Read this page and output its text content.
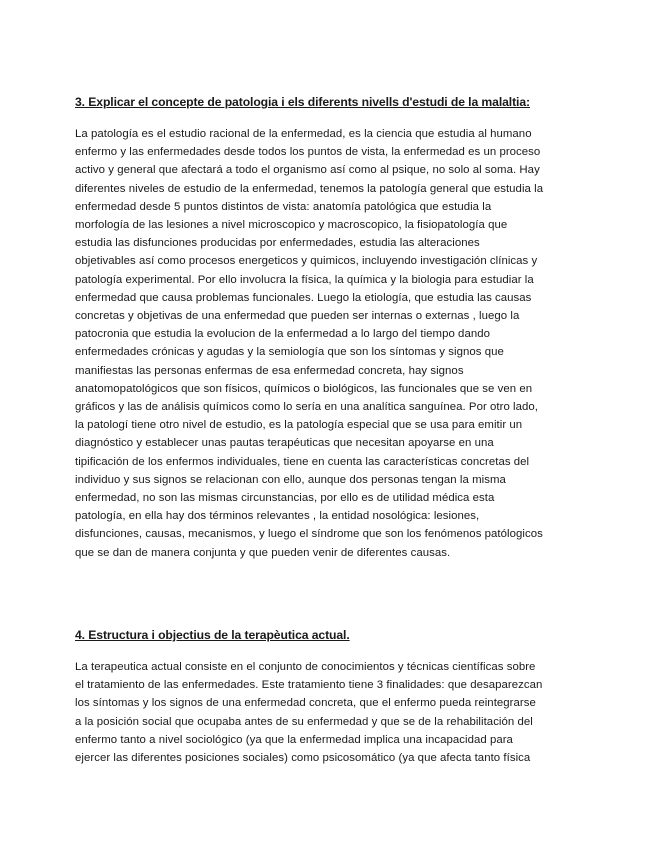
3. Explicar el concepte de patologia i els diferents nivells d'estudi de la malaltia:

La patología es el estudio racional de la enfermedad, es la ciencia que estudia al humano
enfermo y las enfermedades desde todos los puntos de vista, la enfermedad es un proceso
activo y general que afectará a todo el organismo así como al psique, no solo al soma. Hay
diferentes niveles de estudio de la enfermedad, tenemos la patología general que estudia la
enfermedad desde 5 puntos distintos de vista: anatomía patológica que estudia la
morfología de las lesiones a nivel microscopico y macroscopico, la fisiopatología que
estudia las disfunciones producidas por enfermedades, estudia las alteraciones
objetivables así como procesos energeticos y quimicos, incluyendo investigación clínicas y
patología experimental. Por ello involucra la física, la química y la biologia para estudiar la
enfermedad que causa problemas funcionales. Luego la etiología, que estudia las causas
concretas y objetivas de una enfermedad que pueden ser internas o externas , luego la
patocronia que estudia la evolucion de la enfermedad a lo largo del tiempo dando
enfermedades crónicas y agudas y la semiología que son los síntomas y signos que
manifiestas las personas enfermas de esa enfermedad concreta, hay signos
anatomopatológicos que son físicos, químicos o biológicos, las funcionales que se ven en
gráficos y las de análisis químicos como lo sería en una analítica sanguínea. Por otro lado,
la patologí tiene otro nivel de estudio, es la patología especial que se usa para emitir un
diagnóstico y establecer unas pautas terapéuticas que necesitan apoyarse en una
tipificación de los enfermos individuales, tiene en cuenta las características concretas del
individuo y sus signos se relacionan con ello, aunque dos personas tengan la misma
enfermedad, no son las mismas circunstancias, por ello es de utilidad médica esta
patología, en ella hay dos términos relevantes , la entidad nosológica: lesiones,
disfunciones, causas, mecanismos, y luego el síndrome que son los fenómenos patólogicos
que se dan de manera conjunta y que pueden venir de diferentes causas.

4. Estructura i objectius de la terapèutica actual.

La terapeutica actual consiste en el conjunto de conocimientos y técnicas científicas sobre
el tratamiento de las enfermedades. Este tratamiento tiene 3 finalidades: que desaparezcan
los síntomas y los signos de una enfermedad concreta, que el enfermo pueda reintegrarse
a la posición social que ocupaba antes de su enfermedad y que se de la rehabilitación del
enfermo tanto a nivel sociológico (ya que la enfermedad implica una incapacidad para
ejercer las diferentes posiciones sociales) como psicosomático (ya que afecta tanto física
